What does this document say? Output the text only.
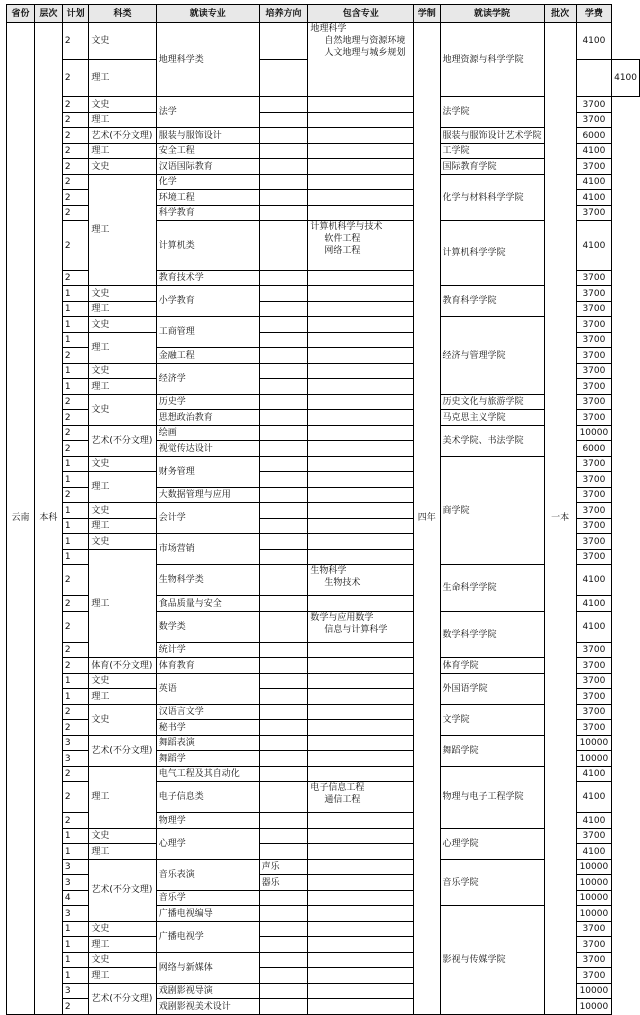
省份	层次	计划	科类	就读专业	培养方向	包含专业	学制	就读学院	批次	学费	
云南	本科	2	文史	地理科学类		地理科学
自然地理与资源环境
人文地理与城乡规划	四年	地理资源与科学学院	一本	4100	
		2	理工								4100
		2	文史	法学				法学院		3700	
		2	理工							3700	
		2	艺术(不分文理)	服装与服饰设计				服装与服饰设计艺术学院		6000	
		2	理工	安全工程				工学院		4100	
		2	文史	汉语国际教育				国际教育学院		3700	
		2	理工	化学				化学与材料科学学院		4100	
		2		环境工程						4100	
		2		科学教育						3700	
		2		计算机类		计算机科学与技术
软件工程
网络工程		计算机科学学院		4100	
		2		教育技术学						3700	
		1	文史	小学教育				教育科学学院		3700	
		1	理工							3700	
		1	文史	工商管理				经济与管理学院		3700	
		1	理工							3700	
		2		金融工程						3700	
		1	文史	经济学						3700	
		1	理工							3700	
		2	文史	历史学				历史文化与旅游学院		3700	
		2		思想政治教育				马克思主义学院		3700	
		2	艺术(不分文理)	绘画				美术学院、书法学院		10000	
		2		视觉传达设计						6000	
		1	文史	财务管理				商学院		3700	
		1	理工							3700	
		2		大数据管理与应用						3700	
		1	文史	会计学						3700	
		1	理工							3700	
		1	文史	市场营销						3700	
		1	理工							3700	
		2		生物科学类		生物科学
生物技术		生命科学学院		4100	
		2		食品质量与安全						4100	
		2		数学类		数学与应用数学
信息与计算科学		数学科学学院		4100	
		2		统计学						3700	
		2	体育(不分文理)	体育教育				体育学院		3700	
		1	文史	英语				外国语学院		3700	
		1	理工							3700	
		2	文史	汉语言文学				文学院		3700	
		2		秘书学						3700	
		3	艺术(不分文理)	舞蹈表演				舞蹈学院		10000	
		3		舞蹈学						10000	
		2	理工	电气工程及其自动化				物理与电子工程学院		4100	
		2		电子信息类		电子信息工程
通信工程				4100	
		2		物理学						4100	
		1	文史	心理学				心理学院		3700	
		1	理工							4100	
		3	艺术(不分文理)	音乐表演	声乐			音乐学院		10000	
		3			器乐					10000	
		4		音乐学						10000	
		3		广播电视编导				影视与传媒学院		10000	
		1	文史	广播电视学						3700	
		1	理工							3700	
		1	文史	网络与新媒体						3700	
		1	理工							3700	
		3	艺术(不分文理)	戏剧影视导演						10000	
		2		戏剧影视美术设计						10000	
